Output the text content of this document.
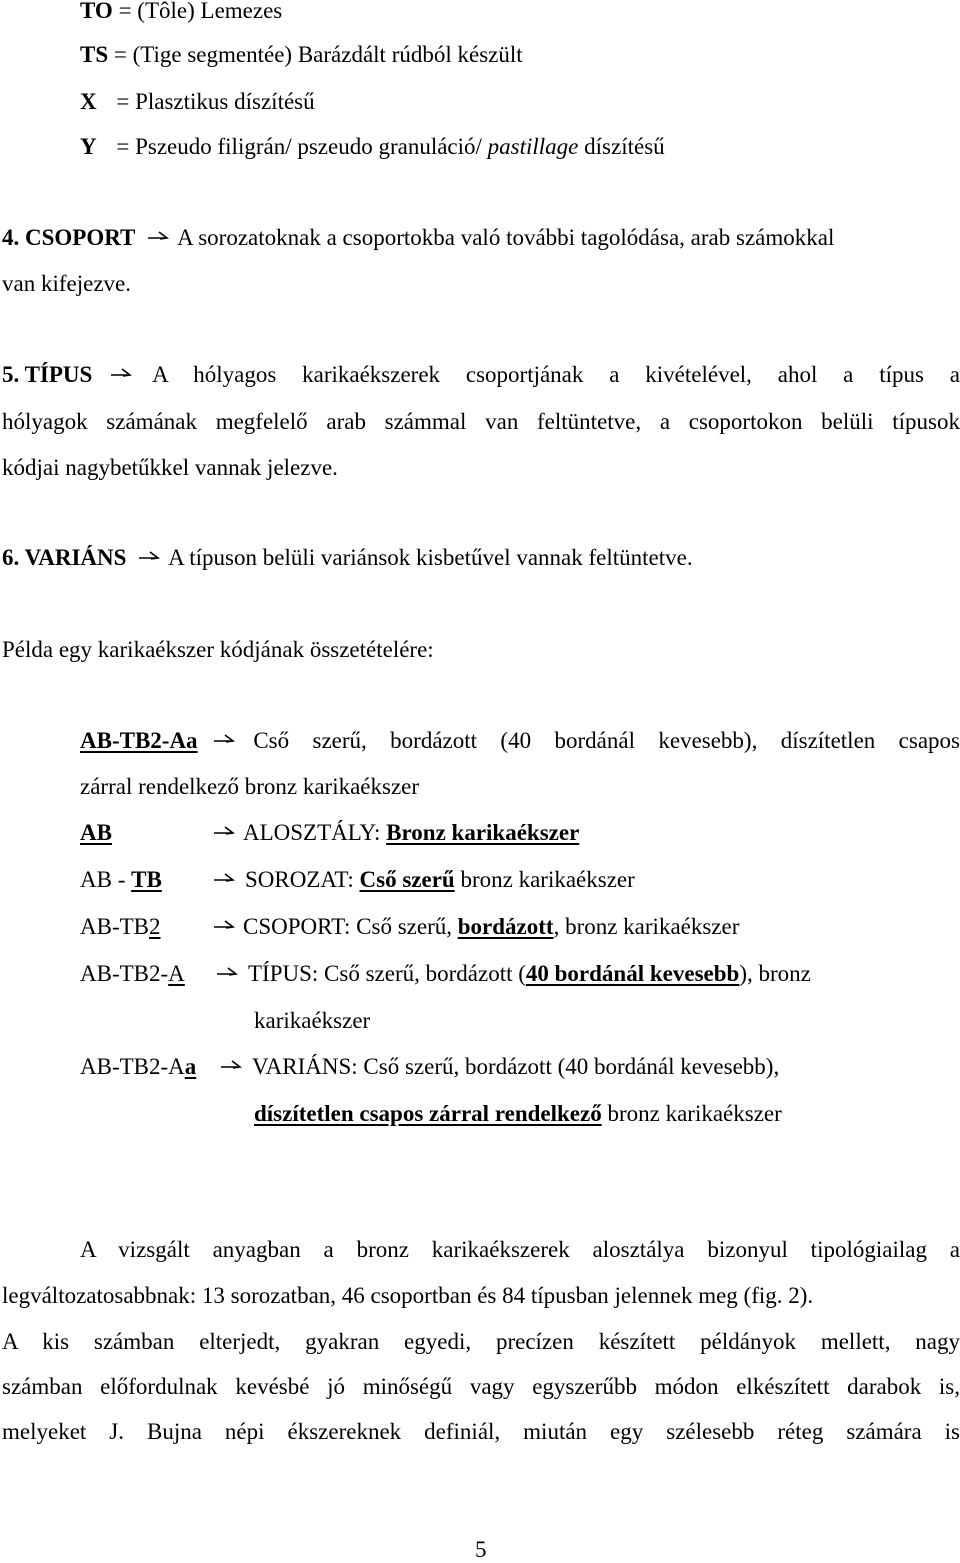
TO = (Tôle) Lemezes
TS = (Tige segmentée) Barázdált rúdból készült
X = Plasztikus díszítésű
Y = Pszeudo filigrán/ pszeudo granuláció/ pastillage díszítésű
4. CSOPORT A sorozatoknak a csoportokba való további tagolódása, arab számokkal
van kifejezve.
5. TÍPUS	A hólyagos karikaékszerek csoportjának a kivételével, ahol a típus a
hólyagok számának megfelelő arab számmal van feltüntetve, a csoportokon belüli típusok
kódjai nagybetűkkel vannak jelezve.
6. VARIÁNS A típuson belüli variánsok kisbetűvel vannak feltüntetve.
Példa egy karikaékszer kódjának összetételére:
AB-TB2-Aa	Cső szerű, bordázott (40 bordánál kevesebb), díszítetlen csapos
zárral rendelkező bronz karikaékszer
AB	ALOSZTÁLY: Bronz karikaékszer
AB - TB	SOROZAT: Cső szerű bronz karikaékszer
AB-TB2	CSOPORT: Cső szerű, bordázott, bronz karikaékszer
AB-TB2-A	TÍPUS: Cső szerű, bordázott (40 bordánál kevesebb), bronz
karikaékszer
AB-TB2-Aa	VARIÁNS: Cső szerű, bordázott (40 bordánál kevesebb),
díszítetlen csapos zárral rendelkező bronz karikaékszer
A vizsgált anyagban a bronz karikaékszerek alosztálya bizonyul tipológiailag a
legváltozatosabbnak: 13 sorozatban, 46 csoportban és 84 típusban jelennek meg (fig. 2).
A kis számban elterjedt, gyakran egyedi, precízen készített példányok mellett, nagy
számban előfordulnak kevésbé jó minőségű vagy egyszerűbb módon elkészített darabok is,
melyeket J. Bujna népi ékszereknek definiál, miután egy szélesebb réteg számára is
5
